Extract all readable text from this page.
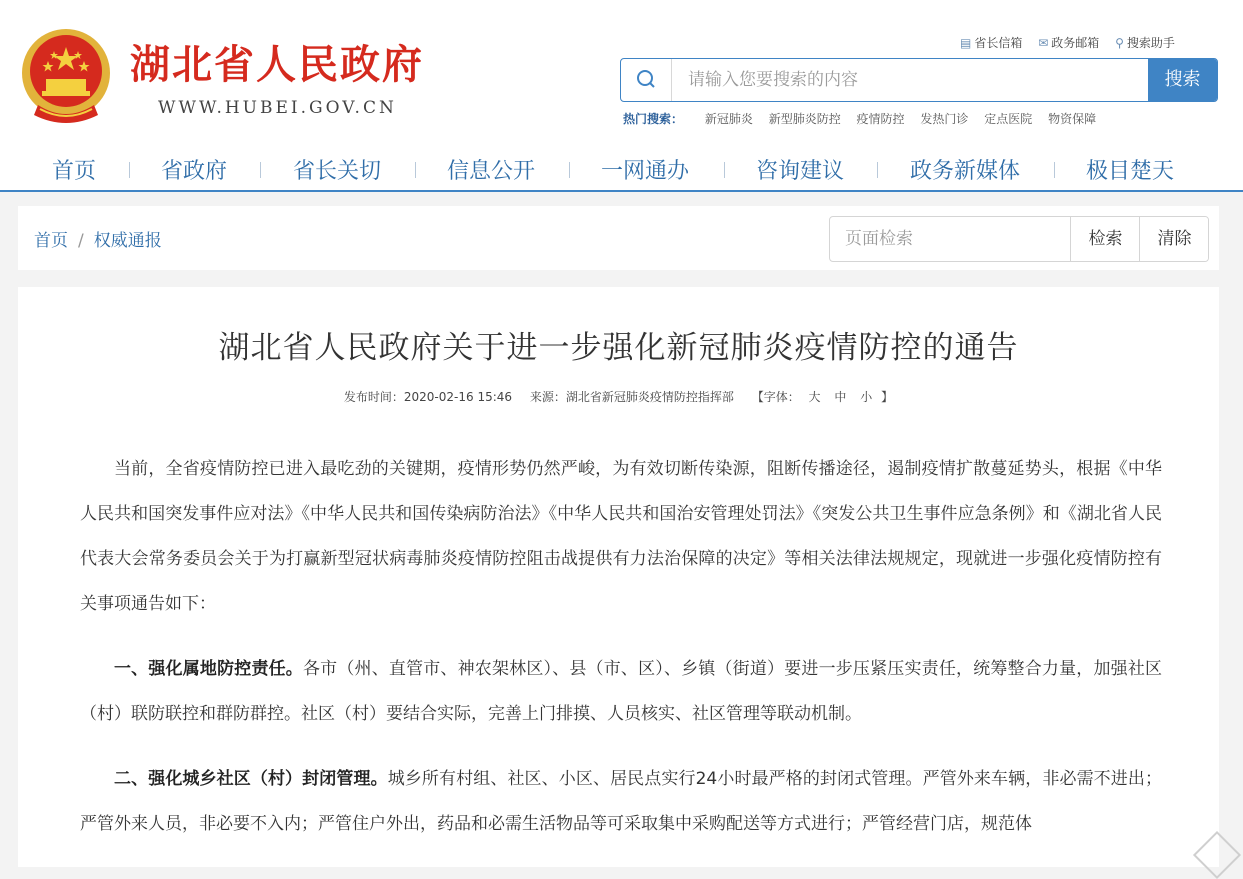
湖北省人民政府
WWW.HUBEI.GOV.CN
▤ 省长信箱 ✉ 政务邮箱 ⚲ 搜索助手
请输入您要搜索的内容
搜索
热门搜索： 新冠肺炎 新型肺炎防控 疫情防控 发热门诊 定点医院 物资保障
首页	省政府	省长关切	信息公开	一网通办	咨询建议	政务新媒体	极目楚天
首页 / 权威通报
页面检索	检索	清除
湖北省人民政府关于进一步强化新冠肺炎疫情防控的通告
发布时间：2020-02-16 15:46 来源：湖北省新冠肺炎疫情防控指挥部 【字体： 大 中 小 】

当前，全省疫情防控已进入最吃劲的关键期，疫情形势仍然严峻，为有效切断传染源，阻断传播途径，遏制疫情扩散蔓延势头，根据《中华人民共和国突发事件应对法》《中华人民共和国传染病防治法》《中华人民共和国治安管理处罚法》《突发公共卫生事件应急条例》和《湖北省人民代表大会常务委员会关于为打赢新型冠状病毒肺炎疫情防控阻击战提供有力法治保障的决定》等相关法律法规规定，现就进一步强化疫情防控有关事项通告如下：

一、强化属地防控责任。各市（州、直管市、神农架林区）、县（市、区）、乡镇（街道）要进一步压紧压实责任，统筹整合力量，加强社区（村）联防联控和群防群控。社区（村）要结合实际，完善上门排摸、人员核实、社区管理等联动机制。

二、强化城乡社区（村）封闭管理。城乡所有村组、社区、小区、居民点实行24小时最严格的封闭式管理。严管外来车辆，非必需不进出；严管外来人员，非必要不入内；严管住户外出，药品和必需生活物品等可采取集中采购配送等方式进行；严管经营门店，规范体
